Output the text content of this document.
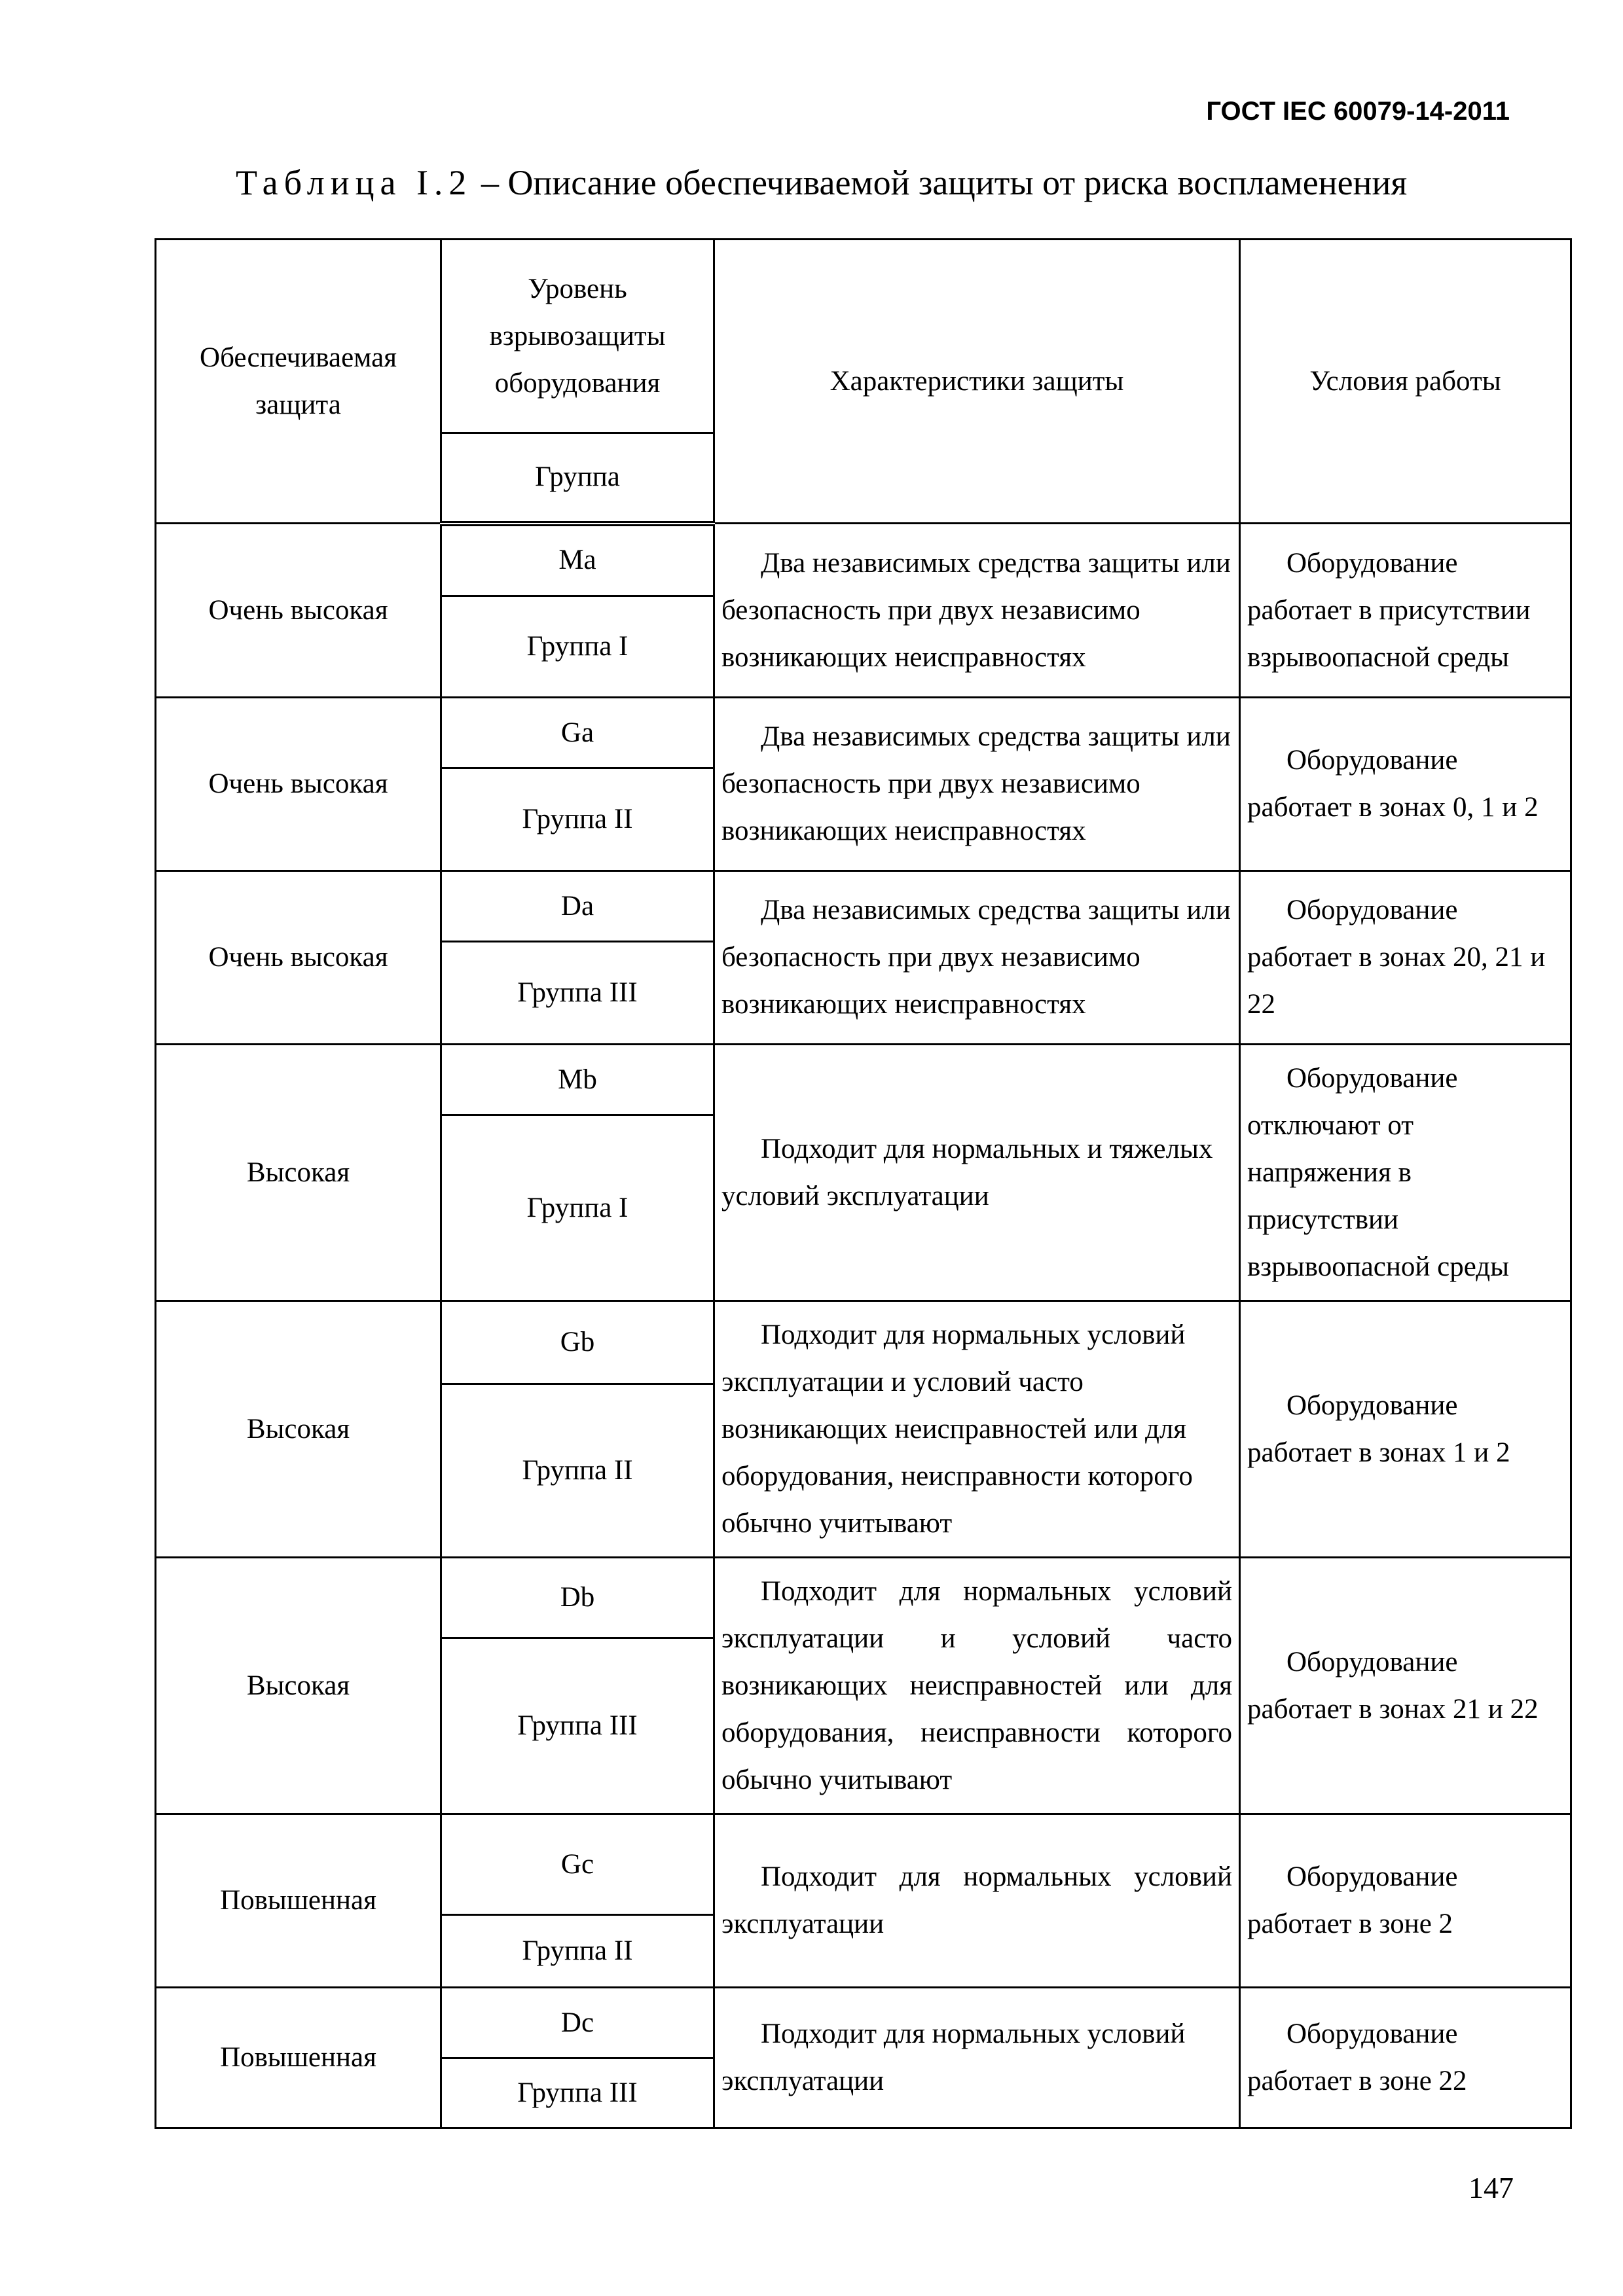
ГОСТ IEC 60079-14-2011
Таблица I.2 – Описание обеспечиваемой защиты от риска воспламенения
Обеспечиваемая защита	Уровень взрывозащиты оборудования	Характеристики защиты	Условия работы
	Группа		
Очень высокая	Ma	Два независимых средства защиты или безопасность при двух независимо возникающих неисправностях	Оборудование работает в присутствии взрывоопасной среды

	Группа I		
Очень высокая	Ga	Два независимых средства защиты или безопасность при двух независимо возникающих неисправностях	Оборудование работает в зонах 0, 1 и 2

	Группа II		
Очень высокая	Da	Два независимых средства защиты или безопасность при двух независимо возникающих неисправностях	Оборудование работает в зонах 20, 21 и 22

	Группа III		
Высокая	Mb	Подходит для нормальных и тяжелых условий эксплуатации	Оборудование отключают от напряжения в присутствии взрывоопасной среды

	Группа I		
Высокая	Gb	Подходит для нормальных условий эксплуатации и условий часто возникающих неисправностей или для оборудования, неисправности которого обычно учитывают	Оборудование работает в зонах 1 и 2

	Группа II		
Высокая	Db	Подходит для нормальных условий эксплуатации и условий часто возникающих неисправностей или для оборудования, неисправности которого обычно учитывают	Оборудование работает в зонах 21 и 22

	Группа III		
Повышенная	Gc	Подходит для нормальных условий эксплуатации	Оборудование работает в зоне 2

	Группа II		
Повышенная	Dc	Подходит для нормальных условий эксплуатации	Оборудование работает в зоне 22

	Группа III		
147
